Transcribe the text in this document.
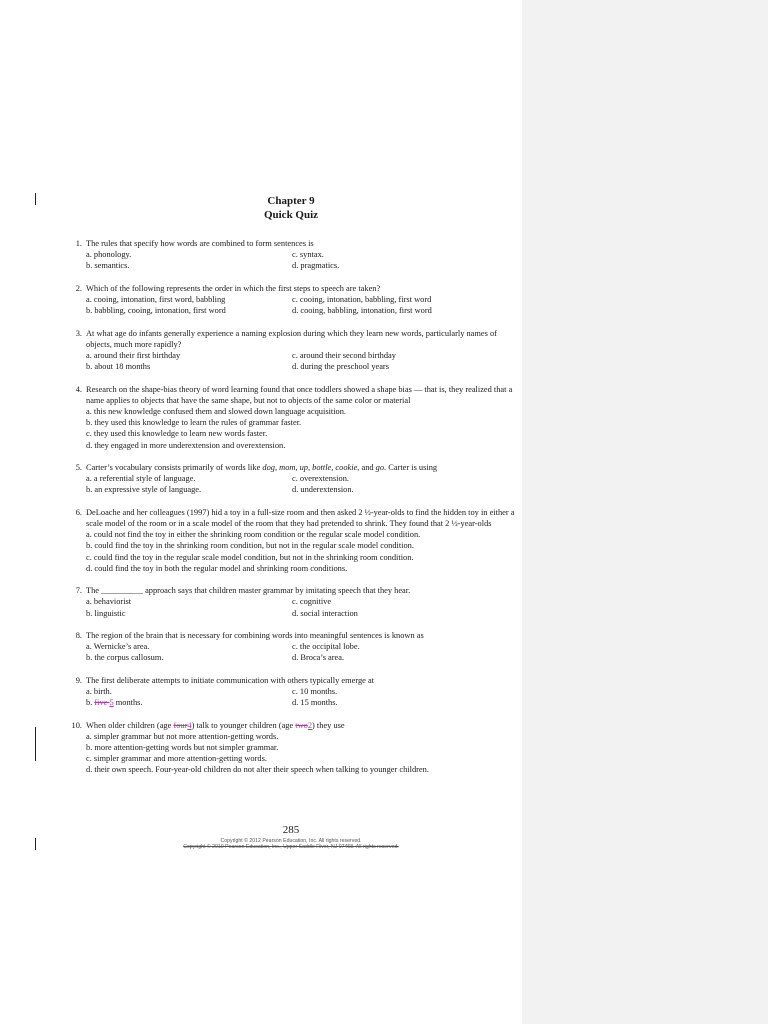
Chapter 9
Quick Quiz
1. The rules that specify how words are combined to form sentences is
a. phonology.	c. syntax.
b. semantics.	d. pragmatics.
2. Which of the following represents the order in which the first steps to speech are taken?
a. cooing, intonation, first word, babbling	c. cooing, intonation, babbling, first word
b. babbling, cooing, intonation, first word	d. cooing, babbling, intonation, first word
3. At what age do infants generally experience a naming explosion during which they learn new words, particularly names of objects, much more rapidly?
a. around their first birthday	c. around their second birthday
b. about 18 months	d. during the preschool years
4. Research on the shape-bias theory of word learning found that once toddlers showed a shape bias — that is, they realized that a name applies to objects that have the same shape, but not to objects of the same color or material
a. this new knowledge confused them and slowed down language acquisition.
b. they used this knowledge to learn the rules of grammar faster.
c. they used this knowledge to learn new words faster.
d. they engaged in more underextension and overextension.
5. Carter’s vocabulary consists primarily of words like dog, mom, up, bottle, cookie, and go. Carter is using
a. a referential style of language.	c. overextension.
b. an expressive style of language.	d. underextension.
6. DeLoache and her colleagues (1997) hid a toy in a full-size room and then asked 2 ½-year-olds to find the hidden toy in either a scale model of the room or in a scale model of the room that they had pretended to shrink. They found that 2 ½-year-olds
a. could not find the toy in either the shrinking room condition or the regular scale model condition.
b. could find the toy in the shrinking room condition, but not in the regular scale model condition.
c. could find the toy in the regular scale model condition, but not in the shrinking room condition.
d. could find the toy in both the regular model and shrinking room conditions.
7. The __________ approach says that children master grammar by imitating speech that they hear.
a. behaviorist	c. cognitive
b. linguistic	d. social interaction
8. The region of the brain that is necessary for combining words into meaningful sentences is known as
a. Wernicke’s area.	c. the occipital lobe.
b. the corpus callosum.	d. Broca’s area.
9. The first deliberate attempts to initiate communication with others typically emerge at
a. birth.	c. 10 months.
b. five 5 months.	d. 15 months.
10. When older children (age four4) talk to younger children (age two2) they use
a. simpler grammar but not more attention-getting words.
b. more attention-getting words but not simpler grammar.
c. simpler grammar and more attention-getting words.
d. their own speech. Four-year-old children do not alter their speech when talking to younger children.
285
Copyright © 2012 Pearson Education, Inc. All rights reserved.
Copyright © 2010 Pearson Education, Inc., Upper Saddle River, NJ 07458. All rights reserved.
